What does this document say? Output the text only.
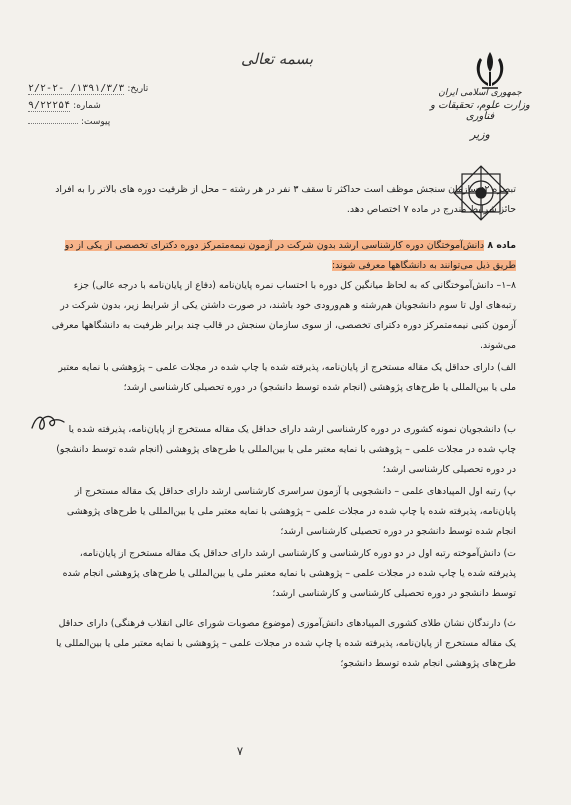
بسمه تعالی
تاریخ:
۱۳۹۱/۳/۳/ -۲/۲-۲
شماره:
۹/۲۲۲۵۴
پیوست:
جمهوری اسلامی ایران
وزارت علوم، تحقیقات و فناوری
وزیر

تبصره ۲: سازمان سنجش موظف است حداکثر تا سقف ۳ نفر در هر رشته – محل از ظرفیت دوره های بالاتر را به افراد حائز شرایط مندرج در ماده ۷ اختصاص دهد.

ماده ۸ دانش‌آموختگان دوره کارشناسی ارشد بدون شرکت در آزمون نیمه‌متمرکز دوره دکترای تخصصی از یکی از دو طریق ذیل می‌توانند به دانشگاهها معرفی شوند:

۸–۱– دانش‌آموختگانی که به لحاظ میانگین کل دوره با احتساب نمره پایان‌نامه (دفاع از پایان‌نامه با درجه عالی) جزء رتبه‌های اول تا سوم دانشجویان هم‌رشته و هم‌ورودی خود باشند، در صورت داشتن یکی از شرایط زیر، بدون شرکت در آزمون کتبی نیمه‌متمرکز دوره دکترای تخصصی، از سوی سازمان سنجش در قالب چند برابر ظرفیت به دانشگاهها معرفی می‌شوند.

الف) دارای حداقل یک مقاله مستخرج از پایان‌نامه، پذیرفته شده یا چاپ شده در مجلات علمی – پژوهشی با نمایه معتبر ملی یا بین‌المللی یا طرح‌های پژوهشی (انجام شده توسط دانشجو) در دوره تحصیلی کارشناسی ارشد؛

ب) دانشجویان نمونه کشوری در دوره کارشناسی ارشد دارای حداقل یک مقاله مستخرج از پایان‌نامه، پذیرفته شده یا چاپ شده در مجلات علمی – پژوهشی با نمایه معتبر ملی یا بین‌المللی یا طرح‌های پژوهشی (انجام شده توسط دانشجو) در دوره تحصیلی کارشناسی ارشد؛

پ) رتبه اول المپیادهای علمی – دانشجویی یا آزمون سراسری کارشناسی ارشد دارای حداقل یک مقاله مستخرج از پایان‌نامه، پذیرفته شده یا چاپ شده در مجلات علمی – پژوهشی با نمایه معتبر ملی یا بین‌المللی یا طرح‌های پژوهشی انجام شده توسط دانشجو در دوره تحصیلی کارشناسی ارشد؛

ت) دانش‌آموخته رتبه اول در دو دوره کارشناسی و کارشناسی ارشد دارای حداقل یک مقاله مستخرج از پایان‌نامه، پذیرفته شده یا چاپ شده در مجلات علمی – پژوهشی با نمایه معتبر ملی یا بین‌المللی یا طرح‌های پژوهشی انجام شده توسط دانشجو در دوره تحصیلی کارشناسی و کارشناسی ارشد؛

ث) دارندگان نشان طلای کشوری المپیادهای دانش‌آموزی (موضوع مصوبات شورای عالی انقلاب فرهنگی) دارای حداقل یک مقاله مستخرج از پایان‌نامه، پذیرفته شده یا چاپ شده در مجلات علمی – پژوهشی با نمایه معتبر ملی یا بین‌المللی یا طرح‌های پژوهشی انجام شده توسط دانشجو؛

۷
